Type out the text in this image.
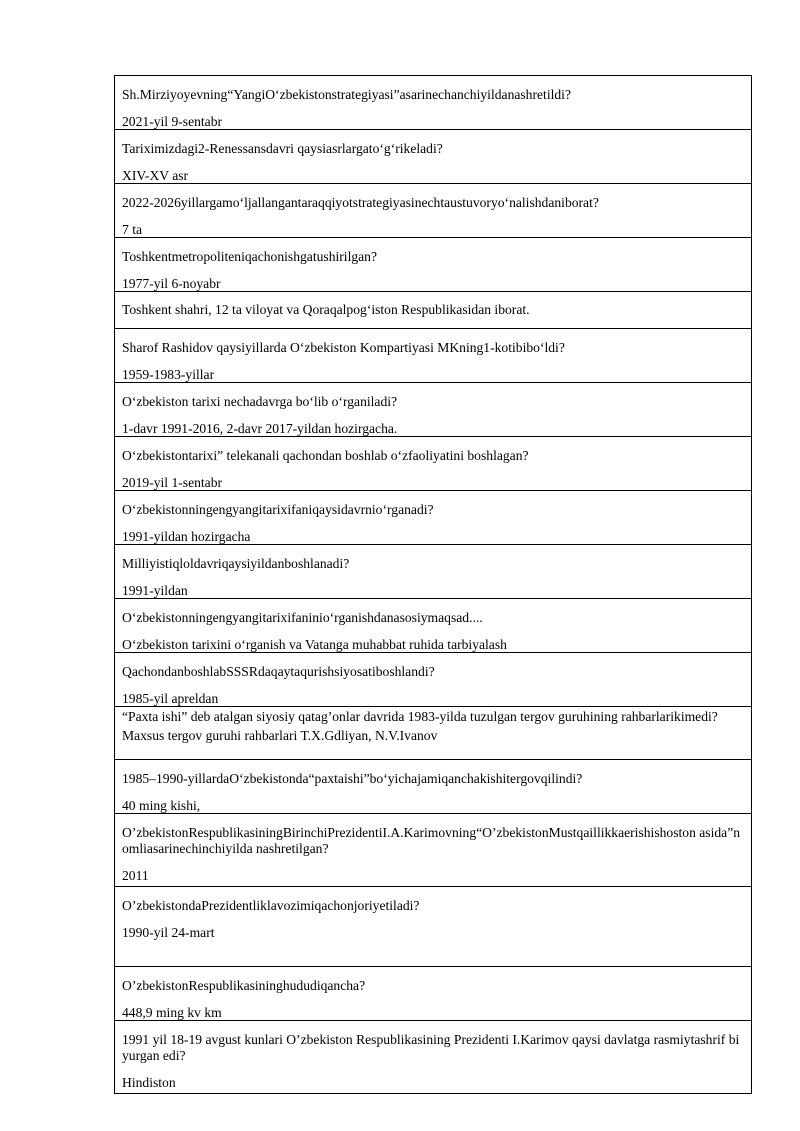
Sh.Mirziyoyevning“YangiO‘zbekistonstrategiyasi”asarinechanchiyildanashretildi?
2021-yil 9-sentabr
Tariximizdagi2-Renessansdavri qaysiasrlargato‘g‘rikeladi?
XIV-XV asr
2022-2026yillargamo‘ljallangantaraqqiyotstrategiyasinechtaustuvoryo‘nalishdaniborat?
7 ta
Toshkentmetropoliteniqachonishgatushirilgan?
1977-yil 6-noyabr
Toshkent shahri, 12 ta viloyat va Qoraqalpog‘iston Respublikasidan iborat.
Sharof Rashidov qaysiyillarda O‘zbekiston Kompartiyasi MKning1-kotibibo‘ldi?
1959-1983-yillar
O‘zbekiston tarixi nechadavrga bo‘lib o‘rganiladi?
1-davr 1991-2016, 2-davr 2017-yildan hozirgacha.
O‘zbekistontarixi” telekanali qachondan boshlab o‘zfaoliyatini boshlagan?
2019-yil 1-sentabr
O‘zbekistonningengyangitarixifaniqaysidavrnio‘rganadi?
1991-yildan hozirgacha
Milliyistiqloldavriqaysiyildanboshlanadi?
1991-yildan
O‘zbekistonningengyangitarixifaninio‘rganishdanasosiymaqsad....
O‘zbekiston tarixini o‘rganish va Vatanga muhabbat ruhida tarbiyalash
QachondanboshlabSSSRdaqaytaqurishsiyosatiboshlandi?
1985-yil apreldan
“Paxta ishi” deb atalgan siyosiy qatag’onlar davrida 1983-yilda tuzulgan tergov guruhining rahbarlarikimedi?
Maxsus tergov guruhi rahbarlari T.X.Gdliyan, N.V.Ivanov
1985–1990-yillardaO‘zbekistonda“paxtaishi”bo‘yichajamiqanchakishitergovqilindi?
40 ming kishi,
O’zbekistonRespublikasiningBirinchiPrezidentiI.A.Karimovning“O’zbekistonMustqaillikkaerishishoston asida”nomliasarinechinchiyilda nashretilgan?
2011
O’zbekistondaPrezidentliklavozimiqachonjoriyetiladi?
1990-yil 24-mart
O’zbekistonRespublikasininghududiqancha?
448,9 ming kv km
1991 yil 18-19 avgust kunlari O’zbekiston Respublikasining Prezidenti I.Karimov qaysi davlatga rasmiytashrif biyurgan edi?
Hindiston
